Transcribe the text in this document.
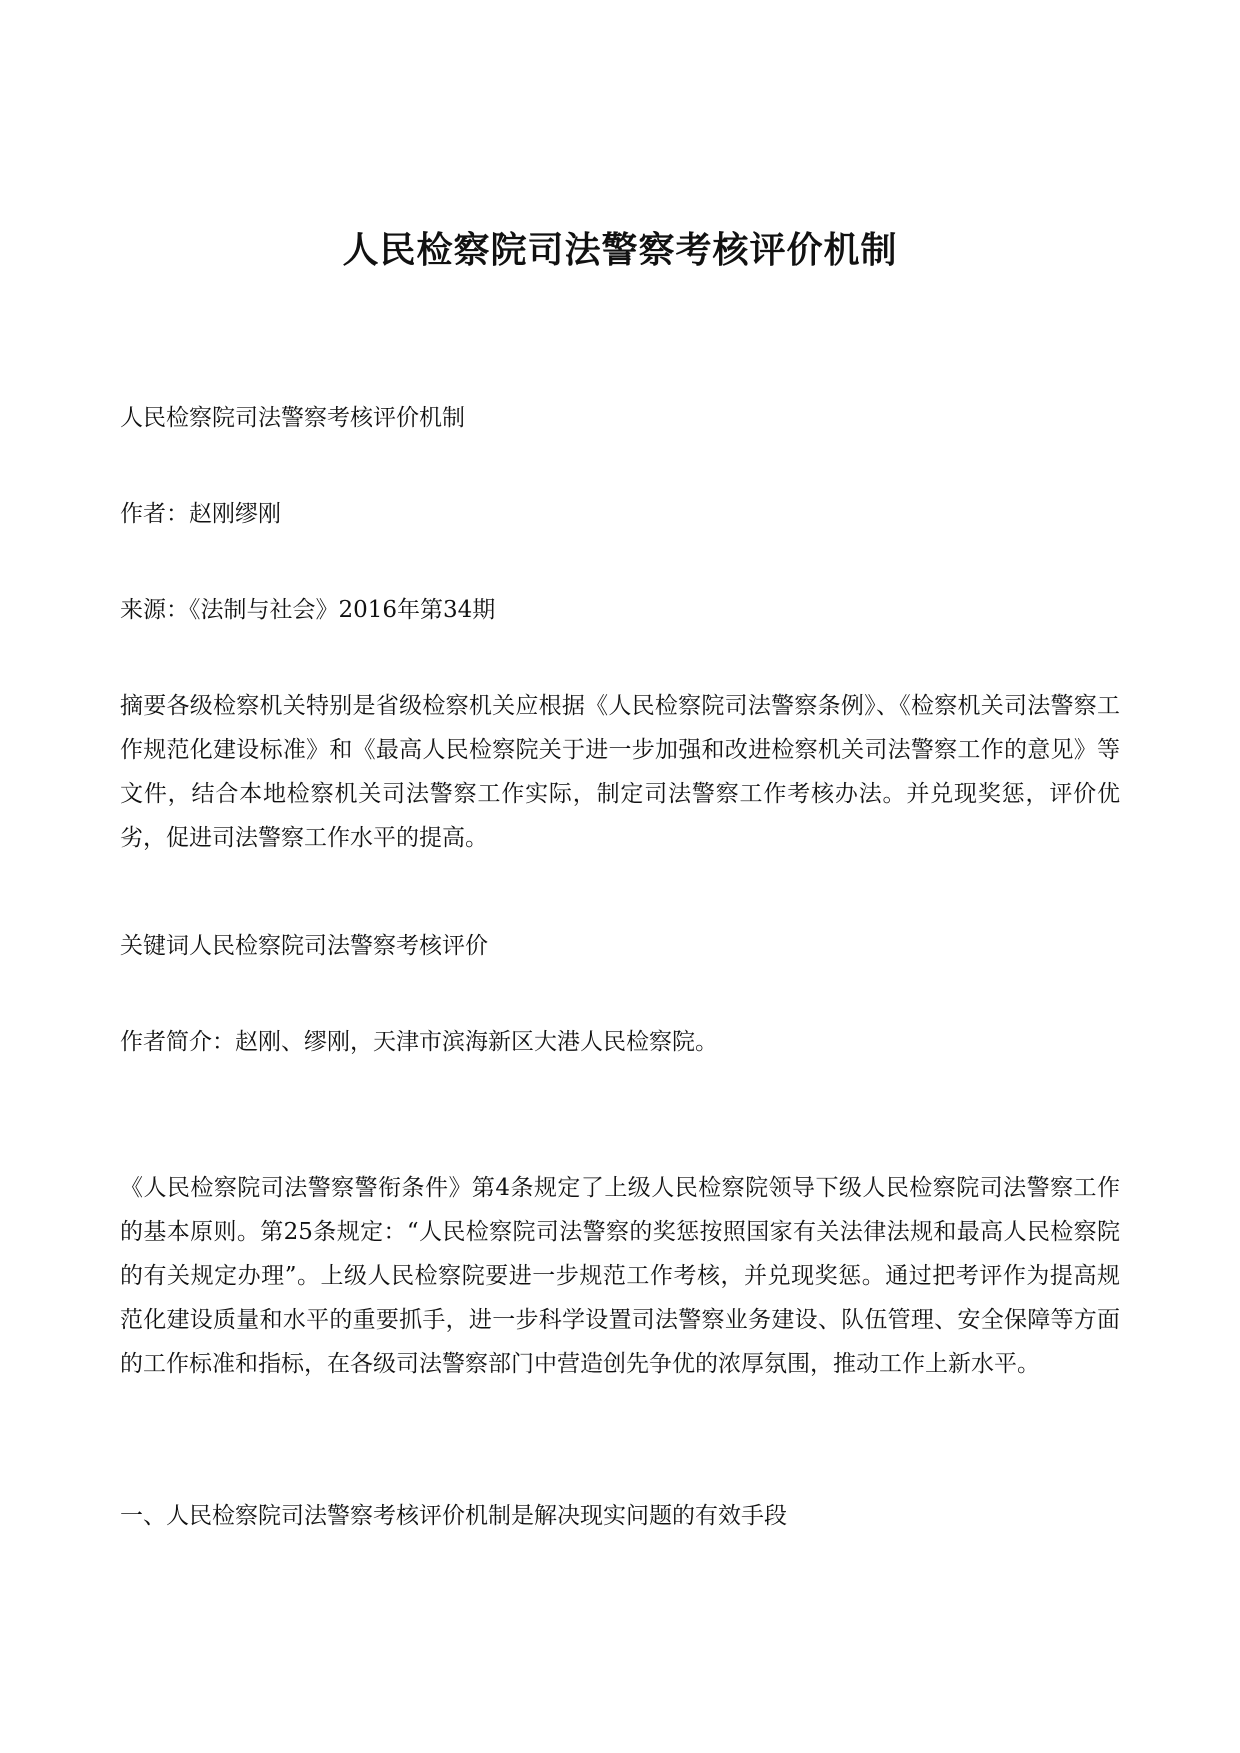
人民检察院司法警察考核评价机制

人民检察院司法警察考核评价机制

作者：赵刚缪刚

来源：《法制与社会》2016年第34期

摘要各级检察机关特别是省级检察机关应根据《人民检察院司法警察条例》、《检察机关司法警察工作规范化建设标准》和《最高人民检察院关于进一步加强和改进检察机关司法警察工作的意见》等文件，结合本地检察机关司法警察工作实际，制定司法警察工作考核办法。并兑现奖惩，评价优劣，促进司法警察工作水平的提高。

关键词人民检察院司法警察考核评价

作者简介：赵刚、缪刚，天津市滨海新区大港人民检察院。

《人民检察院司法警察警衔条件》第4条规定了上级人民检察院领导下级人民检察院司法警察工作的基本原则。第25条规定：“人民检察院司法警察的奖惩按照国家有关法律法规和最高人民检察院的有关规定办理”。上级人民检察院要进一步规范工作考核，并兑现奖惩。通过把考评作为提高规范化建设质量和水平的重要抓手，进一步科学设置司法警察业务建设、队伍管理、安全保障等方面的工作标准和指标，在各级司法警察部门中营造创先争优的浓厚氛围，推动工作上新水平。

一、人民检察院司法警察考核评价机制是解决现实问题的有效手段
